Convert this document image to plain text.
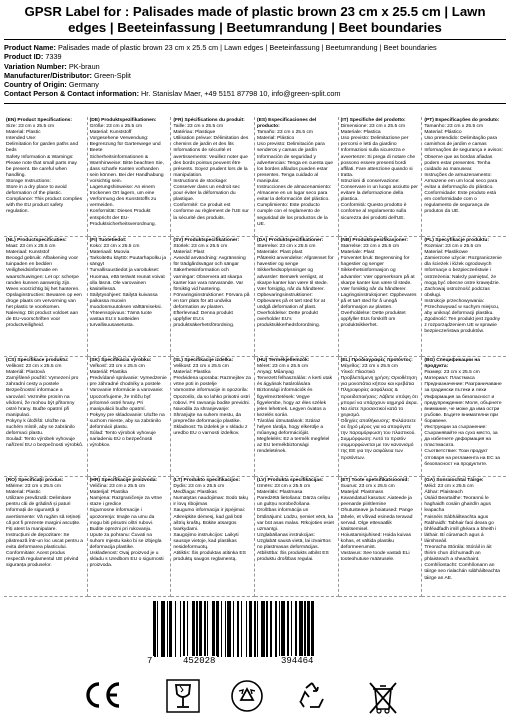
GPSR Label for : Palisades made of plastic brown 23 cm x 25.5 cm | Lawn edges | Beeteinfassung | Beetumrandung | Beet boundaries
Product Name: Palisades made of plastic brown 23 cm x 25.5 cm | Lawn edges | Beeteinfassung | Beetumrandung | Beet boundaries
Product ID: 7339
Variation Number: PK-braun
Manufacturer/Distributor: Green-Split
Country of Origin: Germany
Contact Person & Contact information: Hr. Stanislav Maer, +49 5151 87798 10, info@green-split.com
(EN) Product Specifications:

Size: 23 cm x 25.5 cm
Material: Plastic
Intended Use:
Delimitation for garden paths and beds
Safety Information & Warnings: Please note that small parts may be present. Be careful when handling.
Storage Instructions:
Store in a dry place to avoid deformation of the plastic.
Compliance: This product complies with the EU product safety regulation.

(DE) Produktspezifikationen:

Größe: 23 cm x 25.5 cm
Material: Kunststoff
Vorgesehene Verwendung: Begrenzung für Gartenwege und Beete
Sicherheitsinformationen & Warnhinweise: Bitte beachten Sie, dass scharfe Kanten vorhanden sein können. Bei der Handhabung vorsichtig sein.
Lagerungshinweise: An einem trockenen Ort lagern, um eine Verformung des Kunststoffs zu vermeiden.
Konformität: Dieses Produkt entspricht der EU-Produktsicherheitsverordnung.

(FR) Spécifications du produit:

Taille: 23 cm x 25.5 cm
Matériau: Plastique
Utilisation prévue: Délimitation des chemins de jardin et des lits
Informations de sécurité et avertissements: Veuillez noter que des bords pointus peuvent être présents. Soyez prudent lors de la manipulation.
Instructions de stockage: Conserver dans un endroit sec pour éviter la déformation du plastique.
Conformité: Ce produit est conforme au règlement de l'UE sur la sécurité des produits.

(ES) Especificaciones del producto:

Tamaño: 23 cm x 25.5 cm
Material: Plástico
Uso previsto: Delimitación para senderos y camas de jardín
Información de seguridad y advertencias: Tenga en cuenta que los bordes afilados pueden estar presentes. Tenga cuidado al manipular.
Instrucciones de almacenamiento: Almacene en un lugar seco para evitar la deformación del plástico.
Cumplimiento: Este producto cumple con el reglamento de seguridad de los productos de la UE.

(IT) Specifiche del prodotto:

Dimensione: 23 cm x 25.5 cm
Materiale: Plastica
Uso previsto: Delimitazione per percorsi e letti da giardino
Informazioni sulla sicurezza e avvertenze: Si prega di notare che possono essere presenti bordi affilati. Fare attenzione quando si tratta.
Istruzioni di conservazione: Conservare in un luogo asciutto per evitare la deformazione della plastica.
Conformità: Questo prodotto è conforme al regolamento sulla sicurezza dei prodotti dell'UE.

(PT) Especificações do produto:

Tamanho: 23 cm x 25.5 cm
Material: Plástico
Uso pretendido: Delimitação para caminhos de jardim e camas
Informações de segurança e avisos: Observe que as bordas afiadas podem estar presentes. Tenha cuidado ao manusear.
Instruções de armazenamento: Armazene em um local seco para evitar a deformação do plástico.
Conformidade: Este produto está em conformidade com o regulamento de segurança de produtos da UE.

(NL) Productspecificaties:

Maat: 23 cm x 25.5 cm
Materiaal: Kunststof
Beoogd gebruik: Afbakening voor tuinpaden en bedden
Veiligheidsinformatie en waarschuwingen: Let op: scherpe randen kunnen aanwezig zijn. Wees voorzichtig bij het hanteren.
Opslaginstructies: Bewaren op een droge plaats om vervorming van het plastic te voorkomen.
Naleving: Dit product voldoet aan de EU-voorschriften voor productveiligheid.

(FI) Tuotetiedot:

Koko: 23 cm x 25.5 cm
Materiaali: Muovia
Tarkoitettu käyttö: Puutarhapolku ja sängyt
Turvallisuustiedot ja varoitukset: Huomaa, että terävät reunat voivat olla läsnä. Ole varovainen käsitellessä.
Säilytysohjeet: Säilytä kuivassa paikassa muovin muodonmuutoksen välttämiseksi.
Yhteensopivuus: Tämä tuote vastaa EU:n tuotteiden turvallisuusasetusta.

(SV) Produktspecifikationer:

Storlek: 23 cm x 25.5 cm
Material: Plast
Avsedd användning: Avgränsning för trädgårdsvägar och sängar
Säkerhetsinformation och varningar: Observera att skarpa kanter kan vara närvarande. Var försiktig vid hantering.
Förvaringsinstruktioner: Förvara på en torr plats för att undvika deformation av plasten.
Efterlevnad: Denna produkt uppfyller EU:s produktsäkerhetsförordning.

(DA) Produktspecifikationer:

Størrelse: 23 cm x 25.5 cm
Materiale: Plast plast
Påtænkt anvendelse: Afgrænset for havestier og senge
Sikkerhedsoplysninger og advarsler: Bemærk venligst, at skarpe kanter kan være til stede. Vær forsigtig, når du håndterer.
Opbevaringsinstruktioner: Opbevares på et tørt sted for at undgå deformation af plast.
Overholdelse: Dette produkt overholder EU's produktsikkerhedsforordning.

(NB) Produktspesifikasjoner:

Størrelse: 23 cm x 25.5 cm
Materiale: Plast
Forventet bruk: Begrensning for hagestier og senger
Sikkerhetsinformasjon og advarsler: Vær oppmerksom på at skarpe kanter kan være til stede. Vær forsiktig når du håndterer.
Lagringsinstruksjoner: Oppbevares på et tørt sted for å unngå deformasjon av plasten.
Overholdelse: Dette produktet oppfyller EUs forskrift om produktsikkerhet.

(PL) Specyfikacje produktu:

Rozmiar: 23 cm x 25.5 cm
Materiał: Plastikowe
Zamierzone użycie: Rozgraniczenie dla ścieżek i łóżek ogrodowych
Informacje o bezpieczeństwie i ostrzeżenia: Należy pamiętać, że mogą być obecne ostre krawędzie. Zachowaj ostrożność podczas obsługi.
Instrukcje przechowywania: Przechowywać w suchym miejscu, aby uniknąć deformacji plastiku.
Zgodność: Ten produkt jest zgodny z rozporządzeniem UE w sprawie bezpieczeństwa produktów.

(CS) Specifikace produktu:

Velikost: 23 cm x 25.5 cm
Materiál: Plastová
Zamýšlené použití: Vymezení pro zahradní cesty a postele
Bezpečnostní informace a varování: Vezměte prosím na vědomí, že mohou být přítomny ostré hrany. Buďte opatrní při manipulaci.
Pokyny k úložišti: Uložte na suchém místě, aby se zabránilo deformaci plastu.
Soulad: Tento výrobek vyhovuje nařízení EU o bezpečnosti výrobků.

(SK) Špecifikácia výrobku:

Veľkosť: 23 cm x 25.5 cm
Materiál: Plastika
Predvídané správanie: Vymedzenie pre záhradné chodníky a postele
Varovanie Informácie a varovanie: Upozorňujeme, že môžu byť prítomné ostré hrany. Pri manipulácii buďte opatrní.
Pokyny pre skladovanie: Uložte na suchom mieste, aby sa zabránilo deformácii plastu.
Súlad: Tento výrobok vyhovuje nariadeniu EÚ o bezpečnosti výrobkov.

(SL) Specifikacije izdelka:

Velikost: 23 cm x 25.5 cm
Material: Plastika
Predvidena uporaba: Razmejitev za vrtne poti in postelje
Varnostne informacije in opozorila: Opozorilo, da so lahko prisotni ostri robovi. Pri ravnanju bodite previdni.
Navodila za shranjevanje: Shranjujte na suhem mestu, da preprečite deformacijo plastike.
Skladnost: Ta izdelek je v skladu z uredbo EU o varnosti izdelkov.

(HU) Termékjellemzők:

Méret: 23 cm x 25.5 cm
Anyag: Műanyag
Tervezett felhasználás: A kerti utak és ágyások határolására
Biztonsági információk és figyelmeztetések: Vegye figyelembe, hogy az éles szélek jelen lehetnek. Legyen óvatos a kezelés során.
Tárolási útmutatások: Száraz helyen tárolja, hogy elkerülje a műanyag deformációját.
Megfelelés: Ez a termék megfelel az EU termékbiztonsági rendeletének.

(EL) Προδιαγραφές προϊόντος:

Μέγεθος: 23 cm x 25.5 cm
Υλικό: Πλαστικό
Προβλεπόμενη χρήση: Οριοθέτηση για μονοπάτια κήπου και κρεβάτια
Πληροφορίες ασφάλειας & προειδοποιήσεις: Λάβετε υπόψη ότι μπορεί να υπάρχουν αιχμηρά άκρα. Να είστε προσεκτικοί κατά το χειρισμό.
Οδηγίες αποθήκευσης: Φυλάσσετε σε ξηρό μέρος για να αποφύγετε την παραμόρφωση του πλαστικού.
Συμμόρφωση: Αυτό το προϊόν συμμορφώνεται με τον κανονισμό της ΕΕ για την ασφάλεια των προϊόντων.

(BG) Спецификации на продукта:

Размер: 23 cm x 25.5 cm
Материал: Пластмаса
Предназначение: Разграничаване за градински пътеки и лехи
Информация за безопасност и предупреждения: Моля, обърнете внимание, че може да има остри ръбове. Бъдете внимателни при боравене.
Инструкции за съхранение: Съхранявайте на сухо място, за да избегнете деформация на пластмасата.
Съответствие: Този продукт отговаря на регламента на ЕС за безопасност на продуктите.

(RO) Specificații produs:

Mărime: 23 cm x 25.5 cm
Material: Plastic
Utilizare prevăzută: Delimitare pentru căi de grădină și paturi
Informații de siguranță și avertismente: Vă rugăm să rețineți că pot fi prezente margini ascuțite. Fiți atent la manipulare.
Instrucțiuni de depozitare: Se păstrează într-un loc uscat pentru a evita deformarea plasticului.
Conformitate: Acest produs respectă regulamentul UE privind siguranța produselor.

(HR) Specifikacije proizvoda:

Veličina: 23 cm x 25.5 cm
Materijal: Plastika
Namjena: Razgraničenje za vrtne staze i gredice
Sigurnosne informacije i upozorenja: Imajte na umu da mogu biti prisutni oštri rubovi. Budite oprezni pri rukovanju.
Upute za pohranu: Čuvati na suhom mjestu kako bi se izbjegla deformacija plastike.
Usklađenost: Ovaj proizvod je u skladu s Uredbom EU o sigurnosti proizvoda.

(LT) Produkto specifikacijos:

Dydis: 23 cm x 25.5 cm
Medžiaga: Plastikas
Numatytas naudojimas: Sodo takų ir lovų ribojimas
Saugumo informacija ir įspėjimai: Atkreipkite dėmesį, kad gali būti aštrių kraštų. Būkite atsargūs tvarkydami.
Saugojimo instrukcijos: Laikyti sausoje vietoje, kad plastikas nesideformuotų.
Atitiktis: Šis produktas atitinka ES produktų saugos reglamentą.

(LV) Produkta specifikācijas:

Izmērs: 23 cm x 25.5 cm
Materiāls: Plastmasa
Paredzētā lietošana: Dārza celiņu un gultņu norobežošana
Drošības informācija un brīdinājumi: Lūdzu, ņemiet vērā, ka var būt asas malas. Rīkojoties esiet uzmanīgi.
Uzglabāšanas instrukcijas: Uzglabāt sausā vietā, lai izvairītos no plastmasas deformācijas.
Atbilstība: Šis produkts atbilst ES produktu drošības regulai.

(ET) Toote spetsifikatsioonid:

Suurus: 23 cm x 25.5 cm
Materjal: Plastmass
Kavandatud kasutus: Aiateede ja peenarde piiritlemine
Ohutusteave ja hoiatused: Pange tähele, et võivad esineda teravad servad. Olge ettevaatlik käsitsemisel.
Hoiustamisjuhised: Hoida kuivas kohas, et vältida plastiku deformeerumist.
Vastavus: See toode vastab ELi tooteohutuse määrusele.

(GA) Sonraíochtaí Táirge:

Méid: 23 cm x 25.5 cm
Ábhar: Plaisteach
Úsáid Beartaithe: Teorannú le haghaidh cosáin ghairdín agus leapacha
Faisnéis Sábháilteachta agus Rabhaidh: Tabhair faoi deara go bhféadfadh imill ghéara a bheith i láthair. Bí cúramach agus á láimhseáil.
Treoracha Stórála: Stóráil in áit thirim chun díchumadh an phlaisteach a sheachaint.
Comhlíontacht: Comhlíonann an táirge seo rialachán sábháilteachta táirge an AE.

7	452028	394464
